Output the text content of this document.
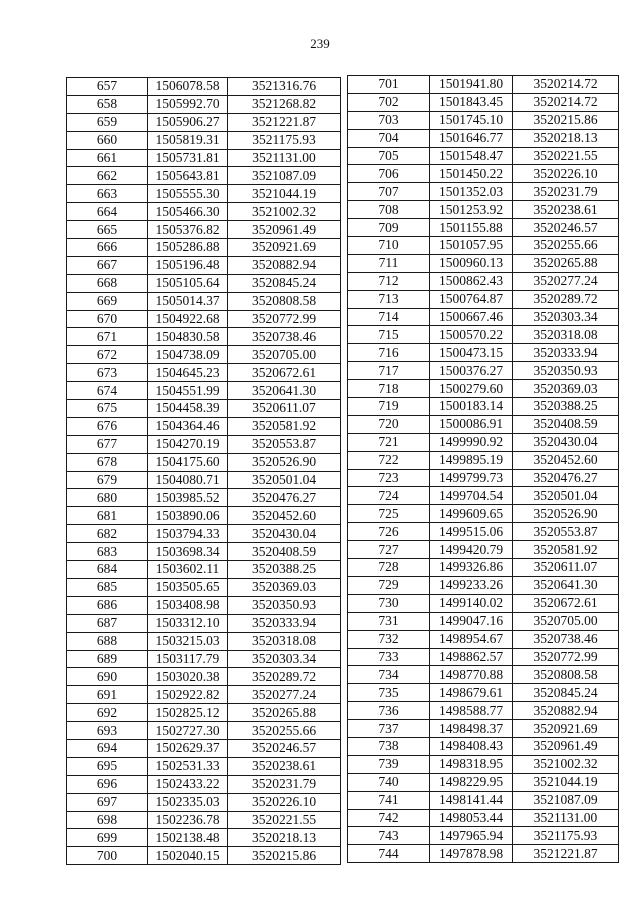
239
657	1506078.58	3521316.76
658	1505992.70	3521268.82
659	1505906.27	3521221.87
660	1505819.31	3521175.93
661	1505731.81	3521131.00
662	1505643.81	3521087.09
663	1505555.30	3521044.19
664	1505466.30	3521002.32
665	1505376.82	3520961.49
666	1505286.88	3520921.69
667	1505196.48	3520882.94
668	1505105.64	3520845.24
669	1505014.37	3520808.58
670	1504922.68	3520772.99
671	1504830.58	3520738.46
672	1504738.09	3520705.00
673	1504645.23	3520672.61
674	1504551.99	3520641.30
675	1504458.39	3520611.07
676	1504364.46	3520581.92
677	1504270.19	3520553.87
678	1504175.60	3520526.90
679	1504080.71	3520501.04
680	1503985.52	3520476.27
681	1503890.06	3520452.60
682	1503794.33	3520430.04
683	1503698.34	3520408.59
684	1503602.11	3520388.25
685	1503505.65	3520369.03
686	1503408.98	3520350.93
687	1503312.10	3520333.94
688	1503215.03	3520318.08
689	1503117.79	3520303.34
690	1503020.38	3520289.72
691	1502922.82	3520277.24
692	1502825.12	3520265.88
693	1502727.30	3520255.66
694	1502629.37	3520246.57
695	1502531.33	3520238.61
696	1502433.22	3520231.79
697	1502335.03	3520226.10
698	1502236.78	3520221.55
699	1502138.48	3520218.13
700	1502040.15	3520215.86
701	1501941.80	3520214.72
702	1501843.45	3520214.72
703	1501745.10	3520215.86
704	1501646.77	3520218.13
705	1501548.47	3520221.55
706	1501450.22	3520226.10
707	1501352.03	3520231.79
708	1501253.92	3520238.61
709	1501155.88	3520246.57
710	1501057.95	3520255.66
711	1500960.13	3520265.88
712	1500862.43	3520277.24
713	1500764.87	3520289.72
714	1500667.46	3520303.34
715	1500570.22	3520318.08
716	1500473.15	3520333.94
717	1500376.27	3520350.93
718	1500279.60	3520369.03
719	1500183.14	3520388.25
720	1500086.91	3520408.59
721	1499990.92	3520430.04
722	1499895.19	3520452.60
723	1499799.73	3520476.27
724	1499704.54	3520501.04
725	1499609.65	3520526.90
726	1499515.06	3520553.87
727	1499420.79	3520581.92
728	1499326.86	3520611.07
729	1499233.26	3520641.30
730	1499140.02	3520672.61
731	1499047.16	3520705.00
732	1498954.67	3520738.46
733	1498862.57	3520772.99
734	1498770.88	3520808.58
735	1498679.61	3520845.24
736	1498588.77	3520882.94
737	1498498.37	3520921.69
738	1498408.43	3520961.49
739	1498318.95	3521002.32
740	1498229.95	3521044.19
741	1498141.44	3521087.09
742	1498053.44	3521131.00
743	1497965.94	3521175.93
744	1497878.98	3521221.87
